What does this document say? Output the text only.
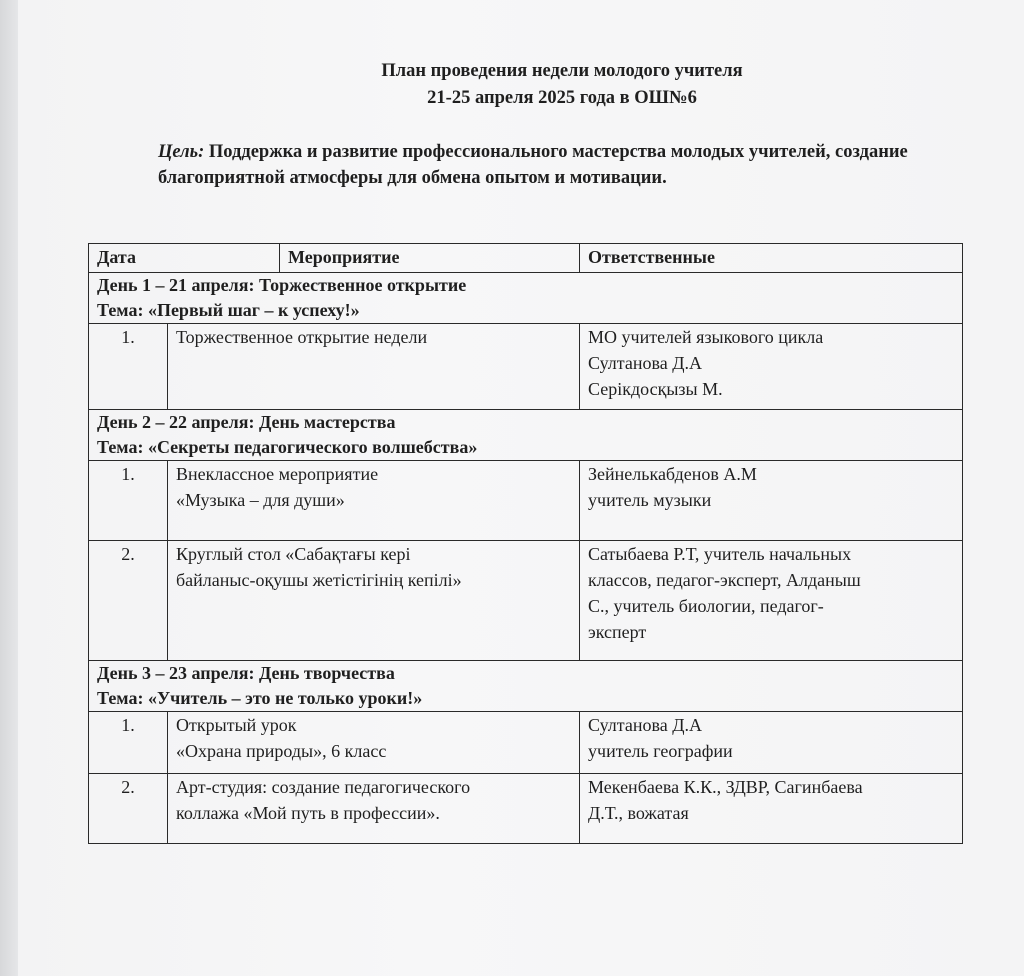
План проведения недели молодого учителя
21-25 апреля 2025 года в ОШ№6
Цель: Поддержка и развитие профессионального мастерства молодых учителей, создание благоприятной атмосферы для обмена опытом и мотивации.
Дата		Мероприятие	Ответственные

День 1 – 21 апреля: Торжественное открытие
Тема: «Первый шаг – к успеху!»			

1.	Торжественное открытие недели		МО учителей языкового цикла
Султанова Д.А
Серікдосқызы М.

День 2 – 22 апреля: День мастерства
Тема: «Секреты педагогического волшебства»			

1.	Внеклассное мероприятие
«Музыка – для души»		Зейнелькабденов А.М
учитель музыки

2.	Круглый стол «Сабақтағы кері
байланыс-оқушы жетістігінің кепілі»		Сатыбаева Р.Т, учитель начальных
классов, педагог-эксперт, Алданыш
С., учитель биологии, педагог-
эксперт

День 3 – 23 апреля: День творчества
Тема: «Учитель – это не только уроки!»			

1.	Открытый урок
«Охрана природы», 6 класс		Султанова Д.А
учитель географии

2.	Арт-студия: создание педагогического
коллажа «Мой путь в профессии».		Мекенбаева К.К., ЗДВР, Сагинбаева
Д.Т., вожатая
